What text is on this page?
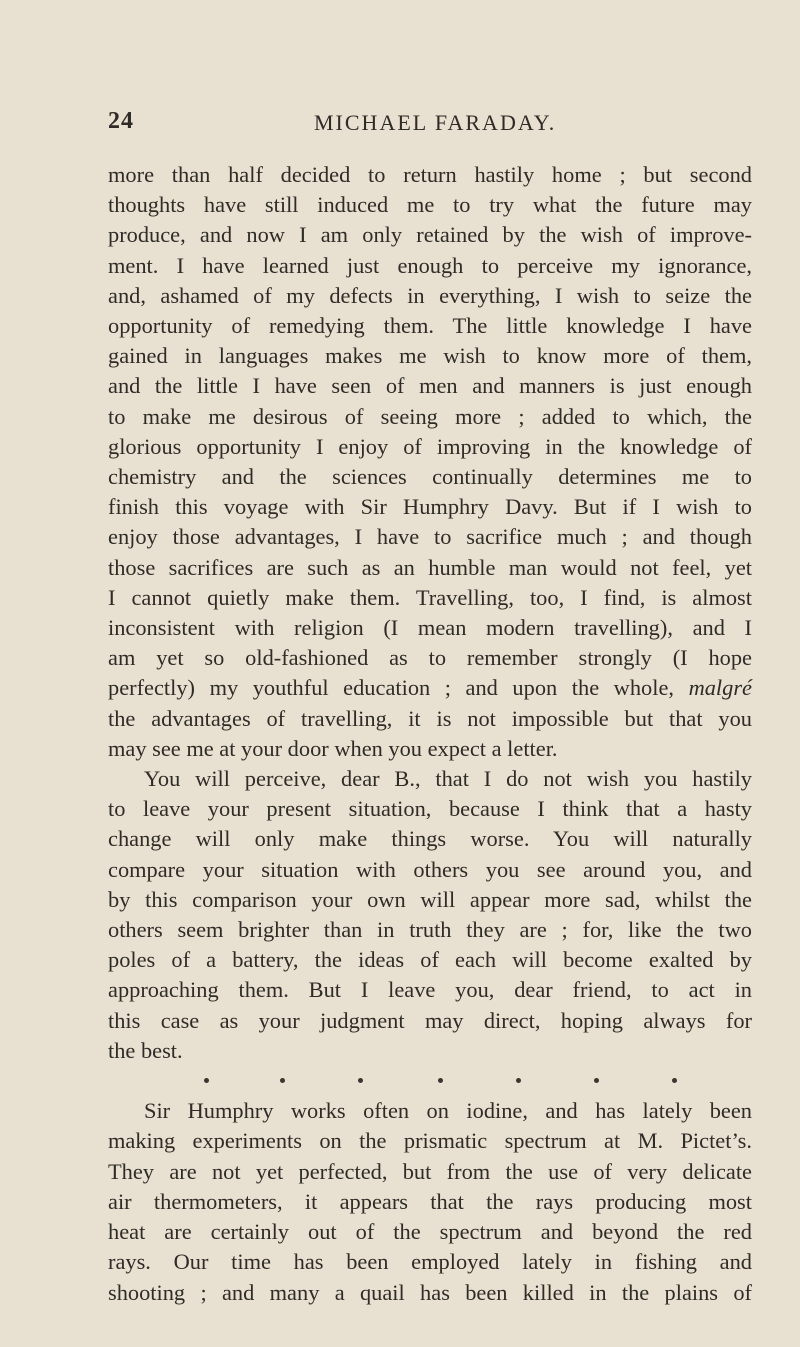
24	MICHAEL FARADAY.
more than half decided to return hastily home ; but second
thoughts have still induced me to try what the future may
produce, and now I am only retained by the wish of improve-
ment. I have learned just enough to perceive my ignorance,
and, ashamed of my defects in everything, I wish to seize the
opportunity of remedying them. The little knowledge I have
gained in languages makes me wish to know more of them,
and the little I have seen of men and manners is just enough
to make me desirous of seeing more ; added to which, the
glorious opportunity I enjoy of improving in the knowledge of
chemistry and the sciences continually determines me to
finish this voyage with Sir Humphry Davy. But if I wish to
enjoy those advantages, I have to sacrifice much ; and though
those sacrifices are such as an humble man would not feel, yet
I cannot quietly make them. Travelling, too, I find, is almost
inconsistent with religion (I mean modern travelling), and I
am yet so old-fashioned as to remember strongly (I hope
perfectly) my youthful education ; and upon the whole, malgré
the advantages of travelling, it is not impossible but that you
may see me at your door when you expect a letter.
You will perceive, dear B., that I do not wish you hastily
to leave your present situation, because I think that a hasty
change will only make things worse. You will naturally
compare your situation with others you see around you, and
by this comparison your own will appear more sad, whilst the
others seem brighter than in truth they are ; for, like the two
poles of a battery, the ideas of each will become exalted by
approaching them. But I leave you, dear friend, to act in
this case as your judgment may direct, hoping always for
the best.
Sir Humphry works often on iodine, and has lately been
making experiments on the prismatic spectrum at M. Pictet’s.
They are not yet perfected, but from the use of very delicate
air thermometers, it appears that the rays producing most
heat are certainly out of the spectrum and beyond the red
rays. Our time has been employed lately in fishing and
shooting ; and many a quail has been killed in the plains of
